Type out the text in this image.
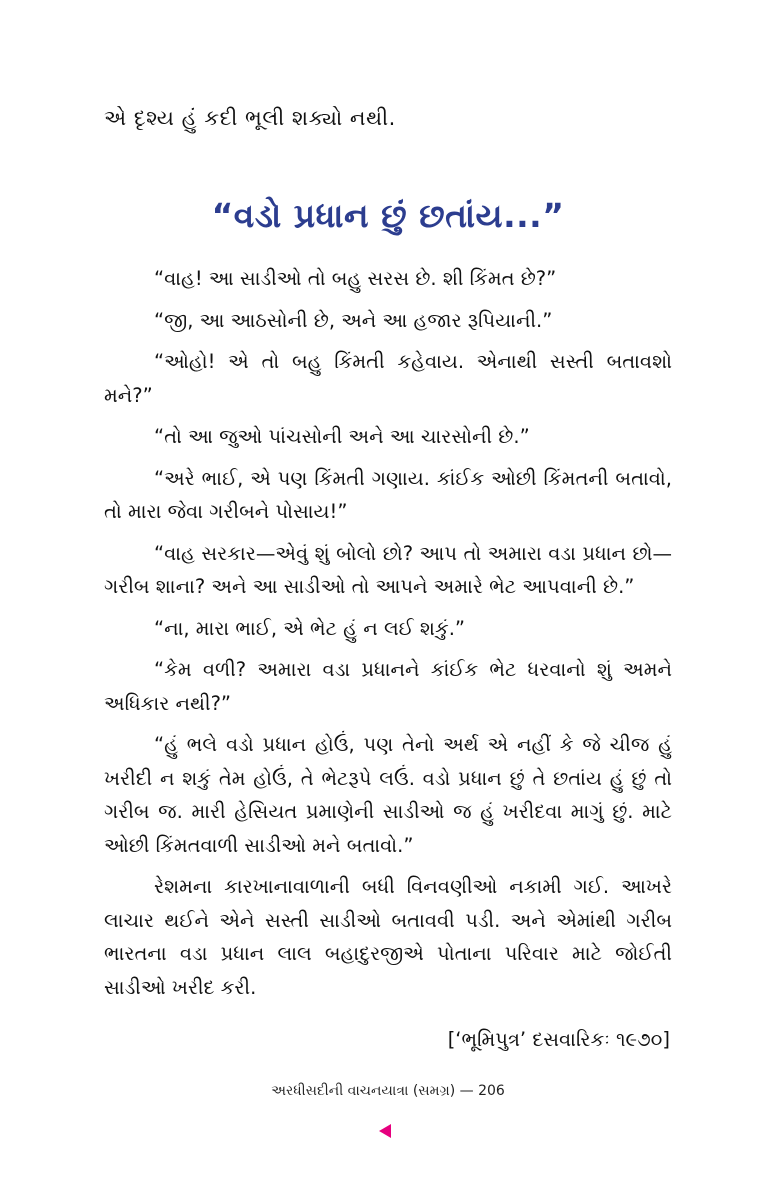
એ દૃશ્ય હું કદી ભૂલી શક્યો નથી.
“વડો પ્રધાન છું છતાંય...”

“વાહ! આ સાડીઓ તો બહુ સરસ છે. શી કિંમત છે?”

“જી, આ આઠસોની છે, અને આ હજાર રૂપિયાની.”

“ઓહો! એ તો બહુ કિંમતી કહેવાય. એનાથી સસ્તી બતાવશો મને?”

“તો આ જુઓ પાંચસોની અને આ ચારસોની છે.”

“અરે ભાઈ, એ પણ કિંમતી ગણાય. કાંઈક ઓછી કિંમતની બતાવો, તો મારા જેવા ગરીબને પોસાય!”

“વાહ સરકાર—એવું શું બોલો છો? આપ તો અમારા વડા પ્રધાન છો—ગરીબ શાના? અને આ સાડીઓ તો આપને અમારે ભેટ આપવાની છે.”

“ના, મારા ભાઈ, એ ભેટ હું ન લઈ શકું.”

“કેમ વળી? અમારા વડા પ્રધાનને કાંઈક ભેટ ધરવાનો શું અમને અધિકાર નથી?”

“હું ભલે વડો પ્રધાન હોઉં, પણ તેનો અર્થ એ નહીં કે જે ચીજ હું ખરીદી ન શકું તેમ હોઉં, તે ભેટરૂપે લઉં. વડો પ્રધાન છું તે છતાંય હું છું તો ગરીબ જ. મારી હેસિયત પ્રમાણેની સાડીઓ જ હું ખરીદવા માગું છું. માટે ઓછી કિંમતવાળી સાડીઓ મને બતાવો.”

રેશમના કારખાનાવાળાની બધી વિનવણીઓ નકામી ગઈ. આખરે લાચાર થઈને એને સસ્તી સાડીઓ બતાવવી પડી. અને એમાંથી ગરીબ ભારતના વડા પ્રધાન લાલ બહાદુરજીએ પોતાના પરિવાર માટે જોઈતી સાડીઓ ખરીદ કરી.

[‘ભૂમિપુત્ર’ દસવારિકઃ ૧૯૭૦]
અરધીસદીની વાચનયાત્રા (સમગ્ર) — 206
